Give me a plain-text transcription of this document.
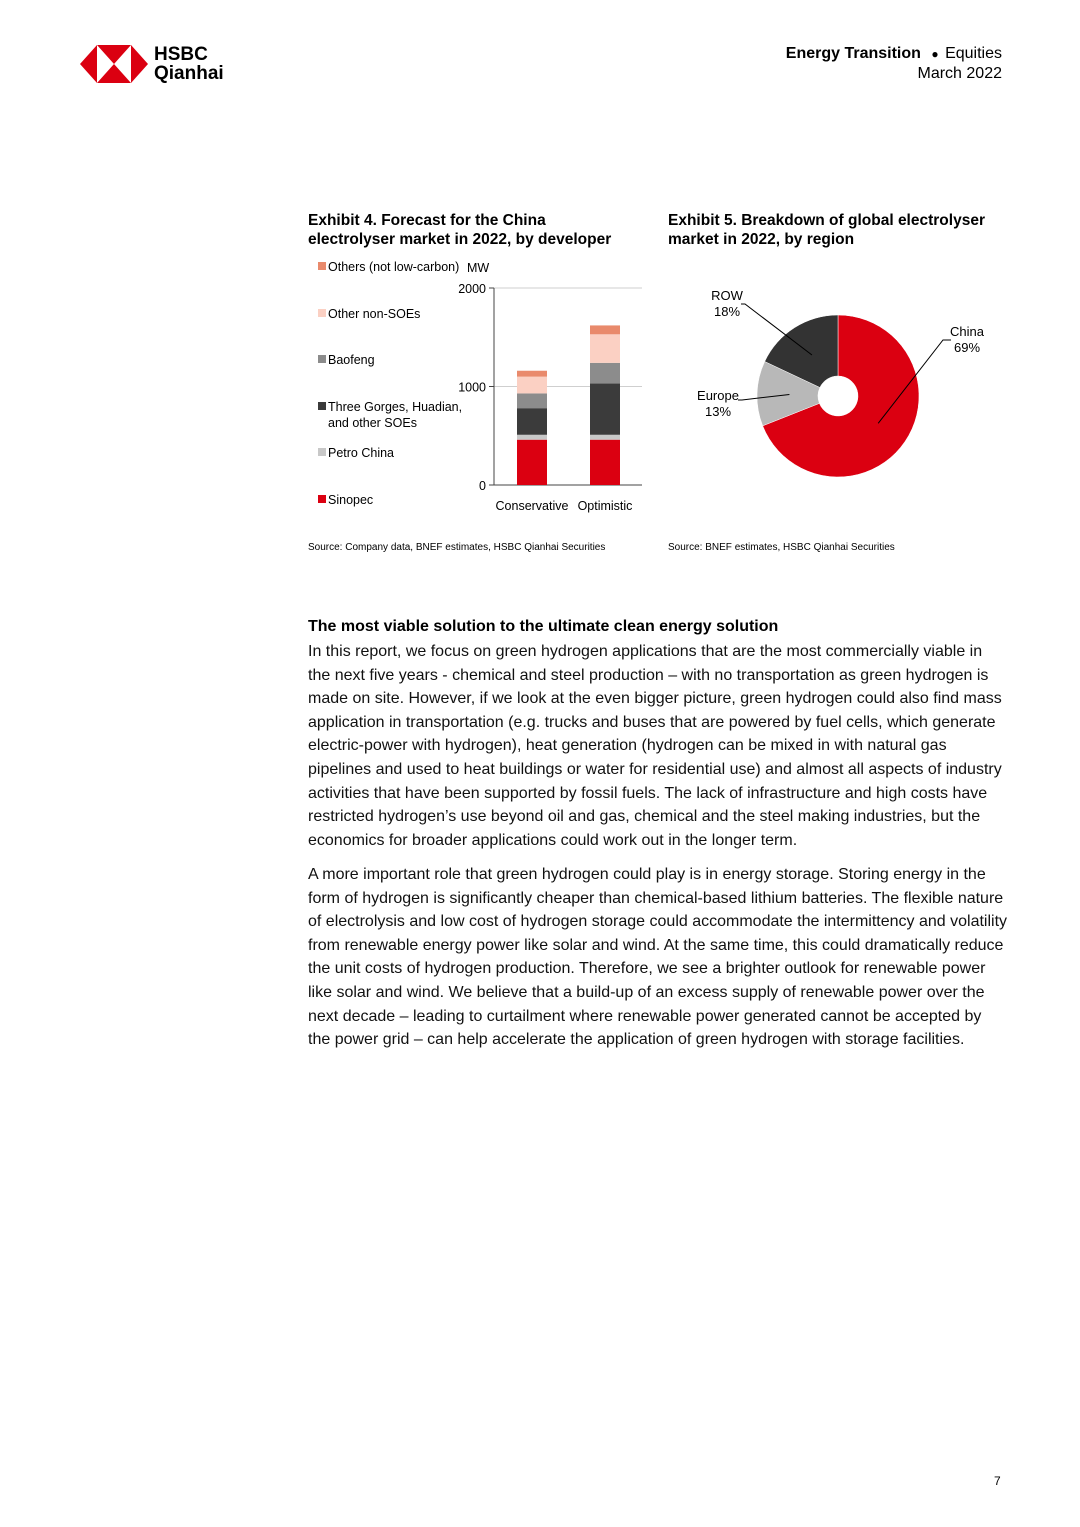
HSBC
Qianhai
Energy Transition ● Equities
March 2022
Exhibit 4. Forecast for the China
electrolyser market in 2022, by developer
Exhibit 5. Breakdown of global electrolyser
market in 2022, by region
Others (not low-carbon)
Other non-SOEs
Baofeng
Three Gorges, Huadian,
and other SOEs
Petro China
Sinopec
MW
0
1000
2000
Conservative Optimistic
China
69%
Europe
13%
ROW
18%
Source: Company data, BNEF estimates, HSBC Qianhai Securities	Source: BNEF estimates, HSBC Qianhai Securities
The most viable solution to the ultimate clean energy solution

In this report, we focus on green hydrogen applications that are the most commercially viable in the next five years - chemical and steel production – with no transportation as green hydrogen is made on site. However, if we look at the even bigger picture, green hydrogen could also find mass application in transportation (e.g. trucks and buses that are powered by fuel cells, which generate electric-power with hydrogen), heat generation (hydrogen can be mixed in with natural gas pipelines and used to heat buildings or water for residential use) and almost all aspects of industry activities that have been supported by fossil fuels. The lack of infrastructure and high costs have restricted hydrogen’s use beyond oil and gas, chemical and the steel making industries, but the economics for broader applications could work out in the longer term.

A more important role that green hydrogen could play is in energy storage. Storing energy in the form of hydrogen is significantly cheaper than chemical-based lithium batteries. The flexible nature of electrolysis and low cost of hydrogen storage could accommodate the intermittency and volatility from renewable energy power like solar and wind. At the same time, this could dramatically reduce the unit costs of hydrogen production. Therefore, we see a brighter outlook for renewable power like solar and wind. We believe that a build-up of an excess supply of renewable power over the next decade – leading to curtailment where renewable power generated cannot be accepted by the power grid – can help accelerate the application of green hydrogen with storage facilities.

7
